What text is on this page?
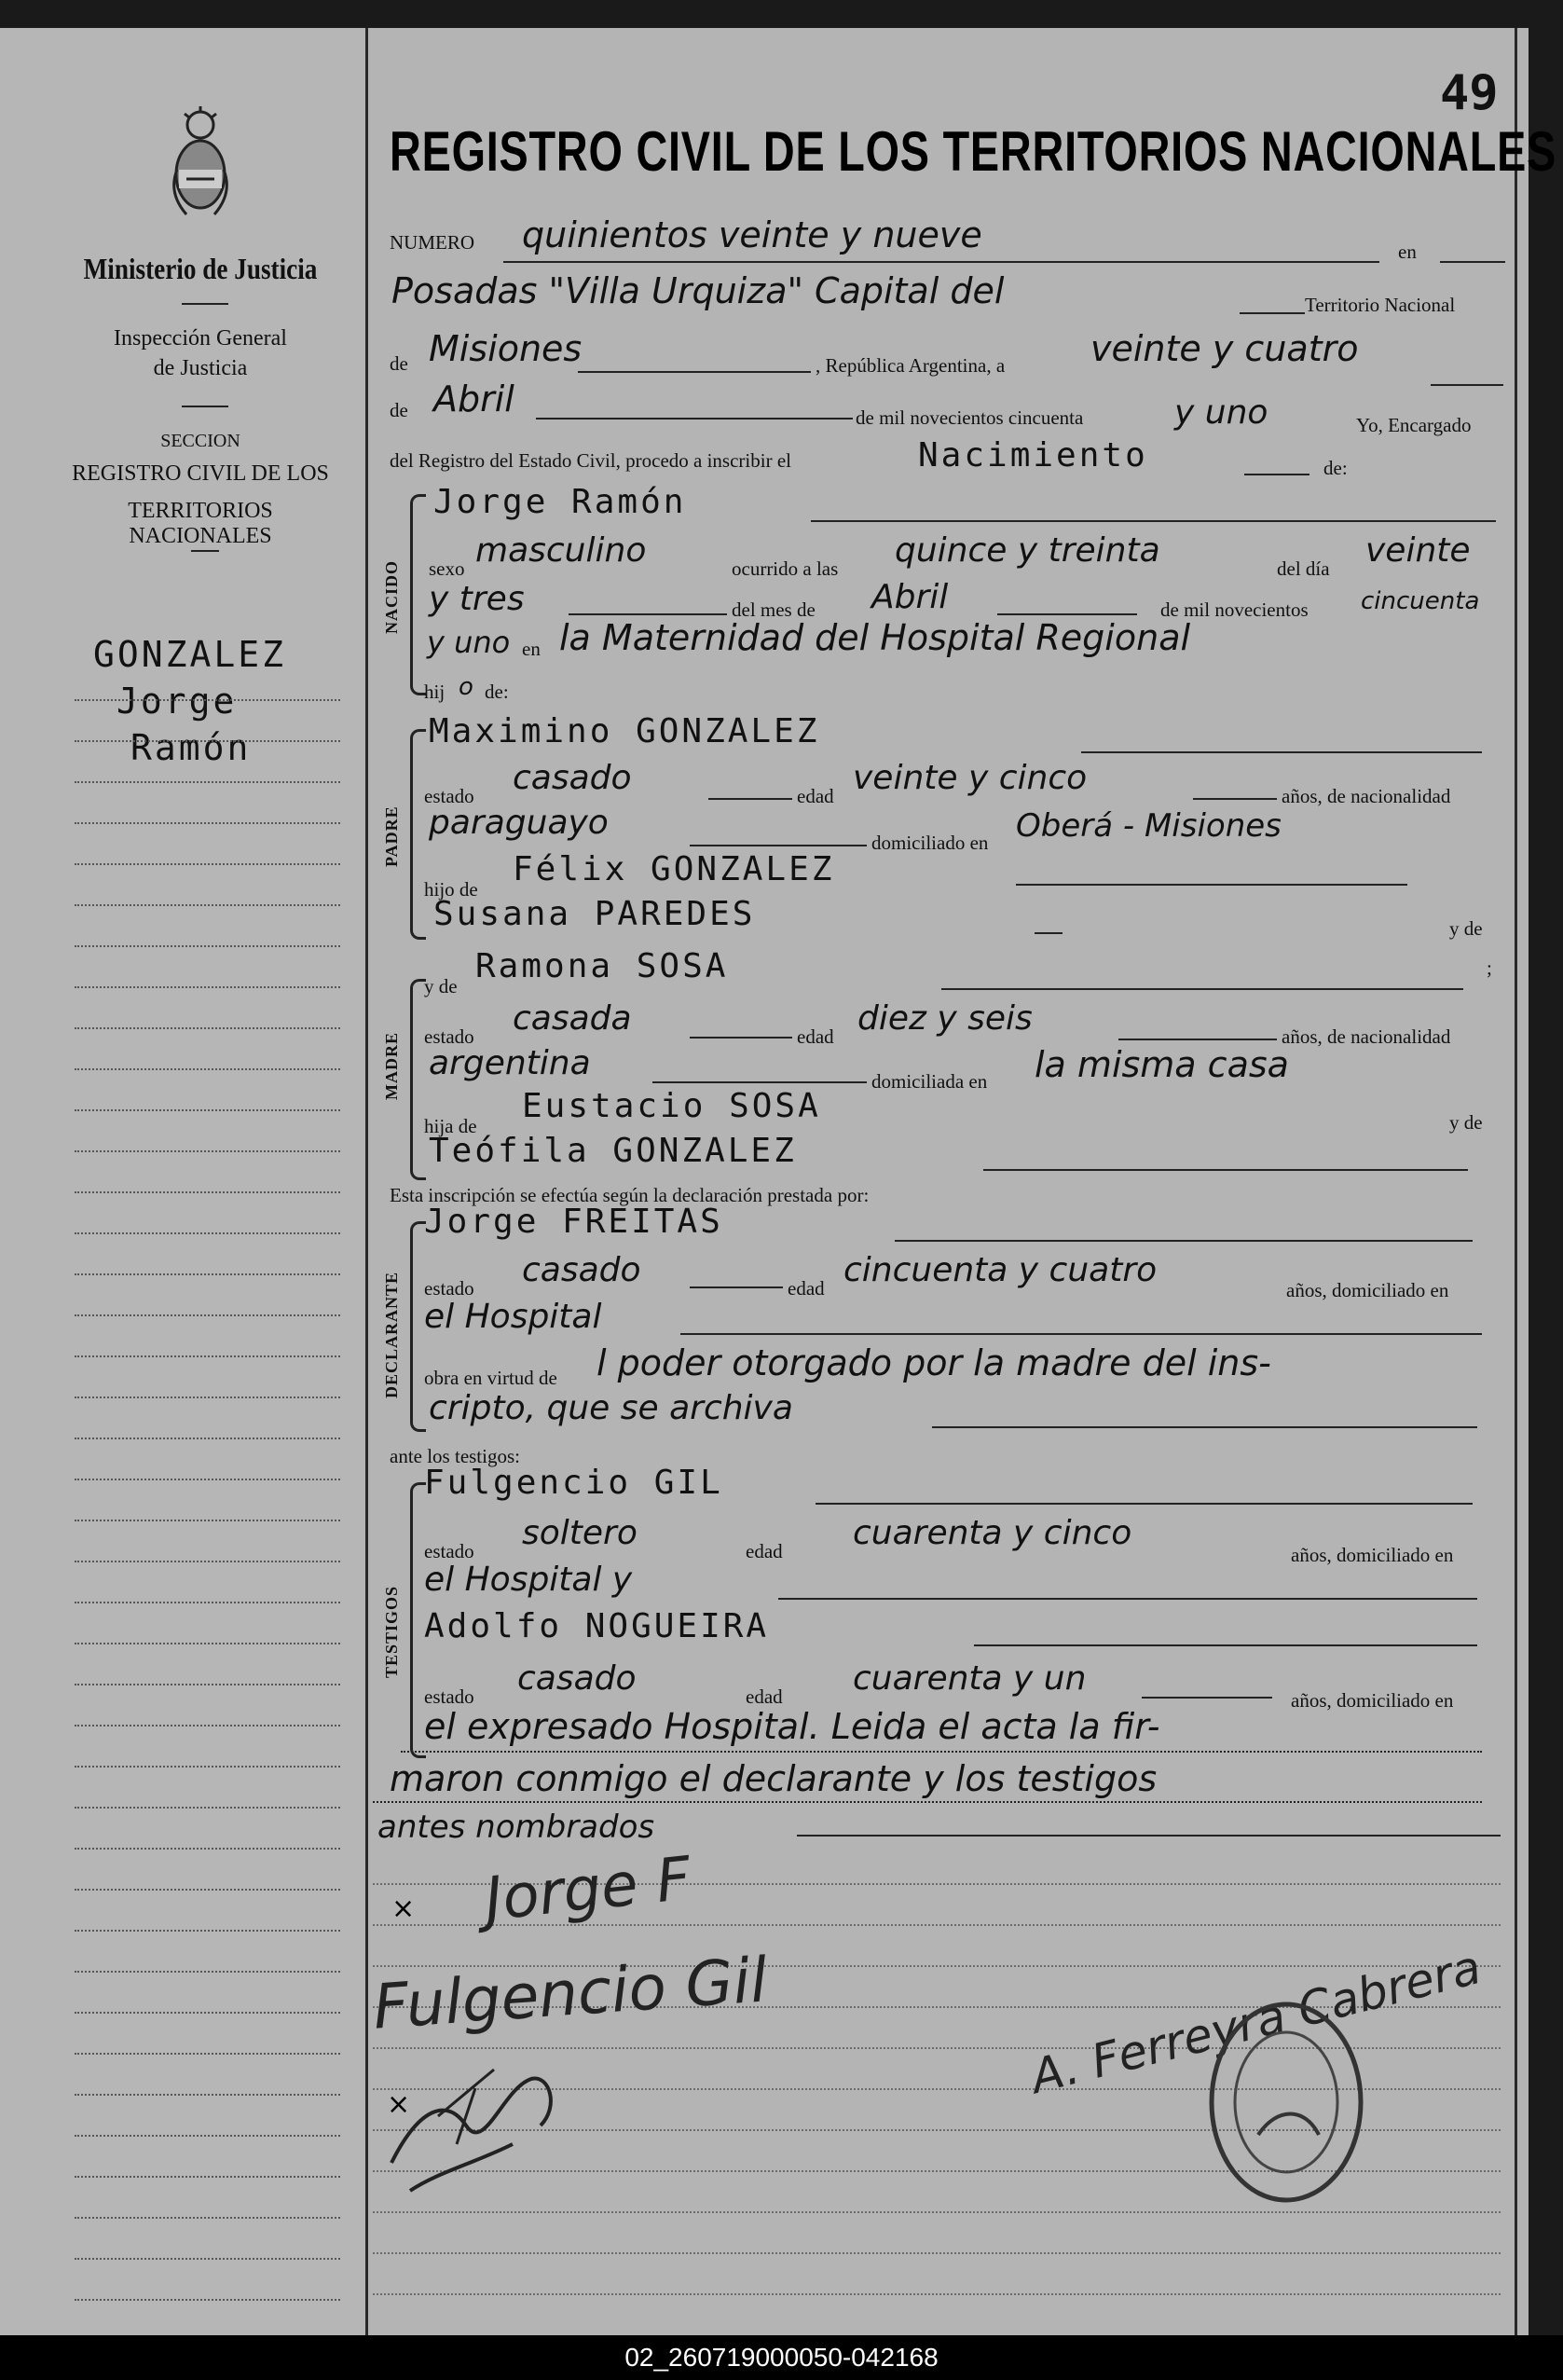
Ministerio de Justicia
Inspección General
de Justicia
SECCION
REGISTRO CIVIL DE LOS
TERRITORIOS NACIONALES
GONZALEZ
Jorge
Ramón
49
REGISTRO CIVIL DE LOS TERRITORIOS NACIONALES
NUMERO quinientos veinte y nueve	en
Posadas "Villa Urquiza" Capital del	Territorio Nacional
de Misiones	, República Argentina, a veinte y cuatro
de Abril	de mil novecientos cincuenta	y uno	Yo, Encargado
del Registro del Estado Civil, procedo a inscribir el	Nacimiento	de:
NACIDO
Jorge Ramón
sexo masculino	ocurrido a las quince y treinta	del día veinte
y tres	del mes de Abril	de mil novecientos cincuenta
y uno en la Maternidad del Hospital Regional
hij o de:
PADRE
Maximino GONZALEZ
estado casado	edad veinte y cinco	años, de nacionalidad
paraguayo
domiciliado en Oberá - Misiones
hijo de
Félix GONZALEZ
Susana PAREDES	y de
;
MADRE
y de
Ramona SOSA
estado casada	edad diez y seis	años, de nacionalidad
argentina	domiciliada en la misma casa
hija de
Eustacio SOSA	y de
Teófila GONZALEZ
Esta inscripción se efectúa según la declaración prestada por:
DECLARANTE
Jorge FREITAS
estado casado	edad cincuenta y cuatro
años, domiciliado en
el Hospital
obra en virtud de l poder otorgado por la madre del ins-
cripto, que se archiva
ante los testigos:
TESTIGOS
Fulgencio GIL
estado soltero	edad cuarenta y cinco
años, domiciliado en
el Hospital y
Adolfo NOGUEIRA
estado casado	edad cuarenta y un
años, domiciliado en
el expresado Hospital. Leida el acta la fir-
maron conmigo el declarante y los testigos
antes nombrados
Jorge F
×
Fulgencio Gil
×
A. Ferreyra Cabrera
02_260719000050-042168
